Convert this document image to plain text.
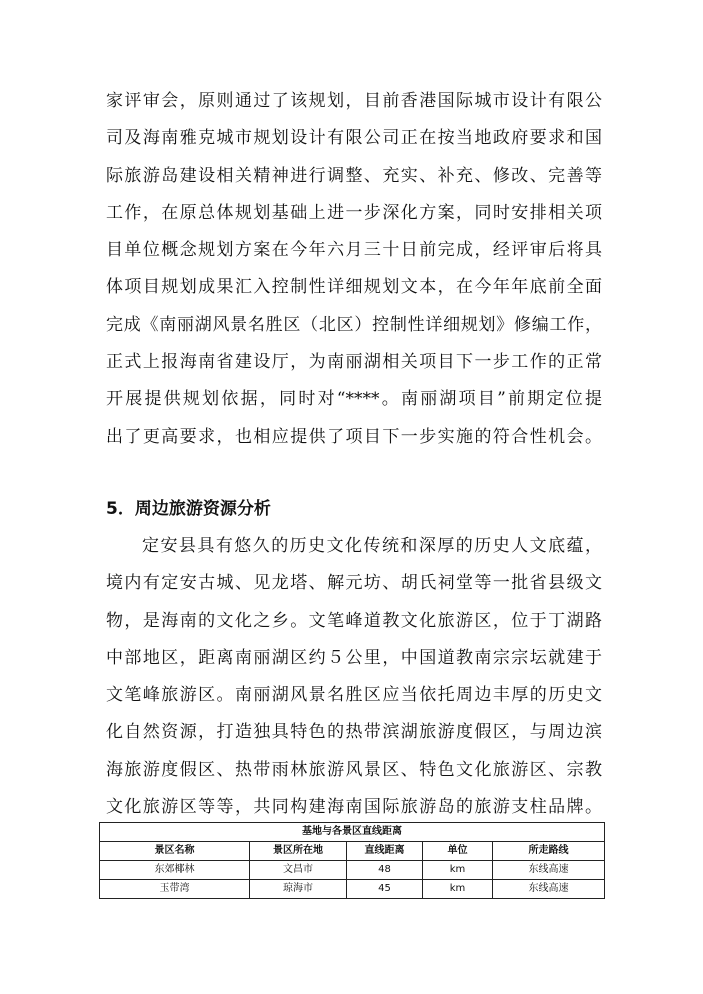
家评审会，原则通过了该规划，目前香港国际城市设计有限公
司及海南雅克城市规划设计有限公司正在按当地政府要求和国
际旅游岛建设相关精神进行调整、充实、补充、修改、完善等
工作，在原总体规划基础上进一步深化方案，同时安排相关项
目单位概念规划方案在今年六月三十日前完成，经评审后将具
体项目规划成果汇入控制性详细规划文本，在今年年底前全面
完成《南丽湖风景名胜区（北区）控制性详细规划》修编工作，
正式上报海南省建设厅，为南丽湖相关项目下一步工作的正常
开展提供规划依据，同时对“****。南丽湖项目”前期定位提
出了更高要求，也相应提供了项目下一步实施的符合性机会。
5．周边旅游资源分析
定安县具有悠久的历史文化传统和深厚的历史人文底蕴，
境内有定安古城、见龙塔、解元坊、胡氏祠堂等一批省县级文
物，是海南的文化之乡。文笔峰道教文化旅游区，位于丁湖路
中部地区，距离南丽湖区约５公里，中国道教南宗宗坛就建于
文笔峰旅游区。南丽湖风景名胜区应当依托周边丰厚的历史文
化自然资源，打造独具特色的热带滨湖旅游度假区，与周边滨
海旅游度假区、热带雨林旅游风景区、特色文化旅游区、宗教
文化旅游区等等，共同构建海南国际旅游岛的旅游支柱品牌。
基地与各景区直线距离				
景区名称	景区所在地	直线距离	单位	所走路线
东郊椰林	文昌市	48	km	东线高速
玉带湾	琼海市	45	km	东线高速
